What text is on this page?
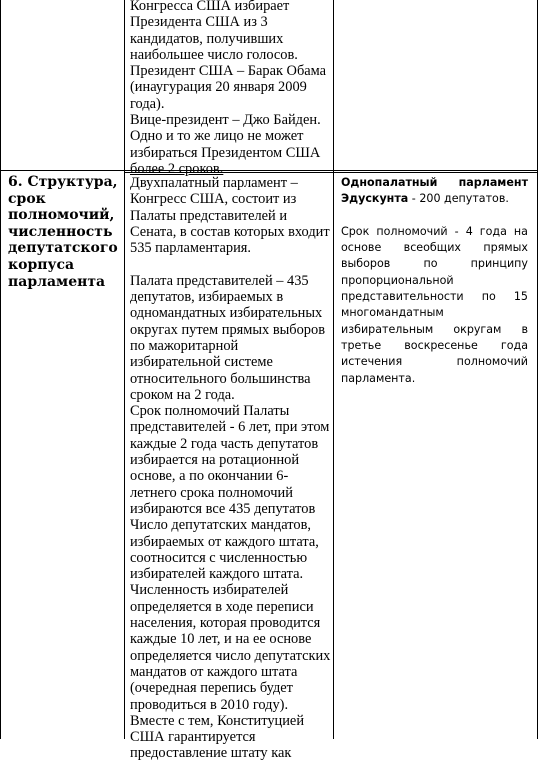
Конгресса США избирает
Президента США из 3
кандидатов, получивших
наибольшее число голосов.
Президент США – Барак Обама
(инаугурация 20 января 2009
года).
Вице-президент – Джо Байден.
Одно и то же лицо не может
избираться Президентом США
более 2 сроков.
6. Структура,
срок
полномочий,
численность
депутатского
корпуса
парламента
Двухпалатный парламент –
Конгресс США, состоит из
Палаты представителей и
Сената, в состав которых входит
535 парламентария.
Палата представителей – 435
депутатов, избираемых в
одномандатных избирательных
округах путем прямых выборов
по мажоритарной
избирательной системе
относительного большинства
сроком на 2 года.
Срок полномочий Палаты
представителей - 6 лет, при этом
каждые 2 года часть депутатов
избирается на ротационной
основе, а по окончании 6-
летнего срока полномочий
избираются все 435 депутатов
Число депутатских мандатов,
избираемых от каждого штата,
соотносится с численностью
избирателей каждого штата.
Численность избирателей
определяется в ходе переписи
населения, которая проводится
каждые 10 лет, и на ее основе
определяется число депутатских
мандатов от каждого штата
(очередная перепись будет
проводиться в 2010 году).
Вместе с тем, Конституцией
США гарантируется
предоставление штату как
Однопалатный парламент
Эдускунта - 200 депутатов.
Срок полномочий - 4 года на
основе всеобщих прямых
выборов по принципу
пропорциональной
представительности по 15
многомандатным
избирательным округам в
третье воскресенье года
истечения полномочий
парламента.
